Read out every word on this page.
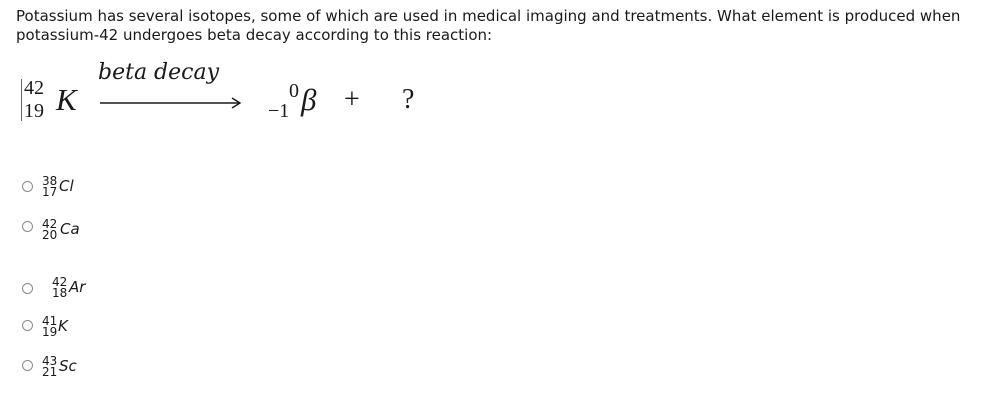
Potassium has several isotopes, some of which are used in medical imaging and treatments. What element is produced when
potassium-42 undergoes beta decay according to this reaction:
42
19 K
beta decay
0
−1 β + ?
38
17 Cl
42
20 Ca
42
18 Ar
41
19 K
43
21 Sc
